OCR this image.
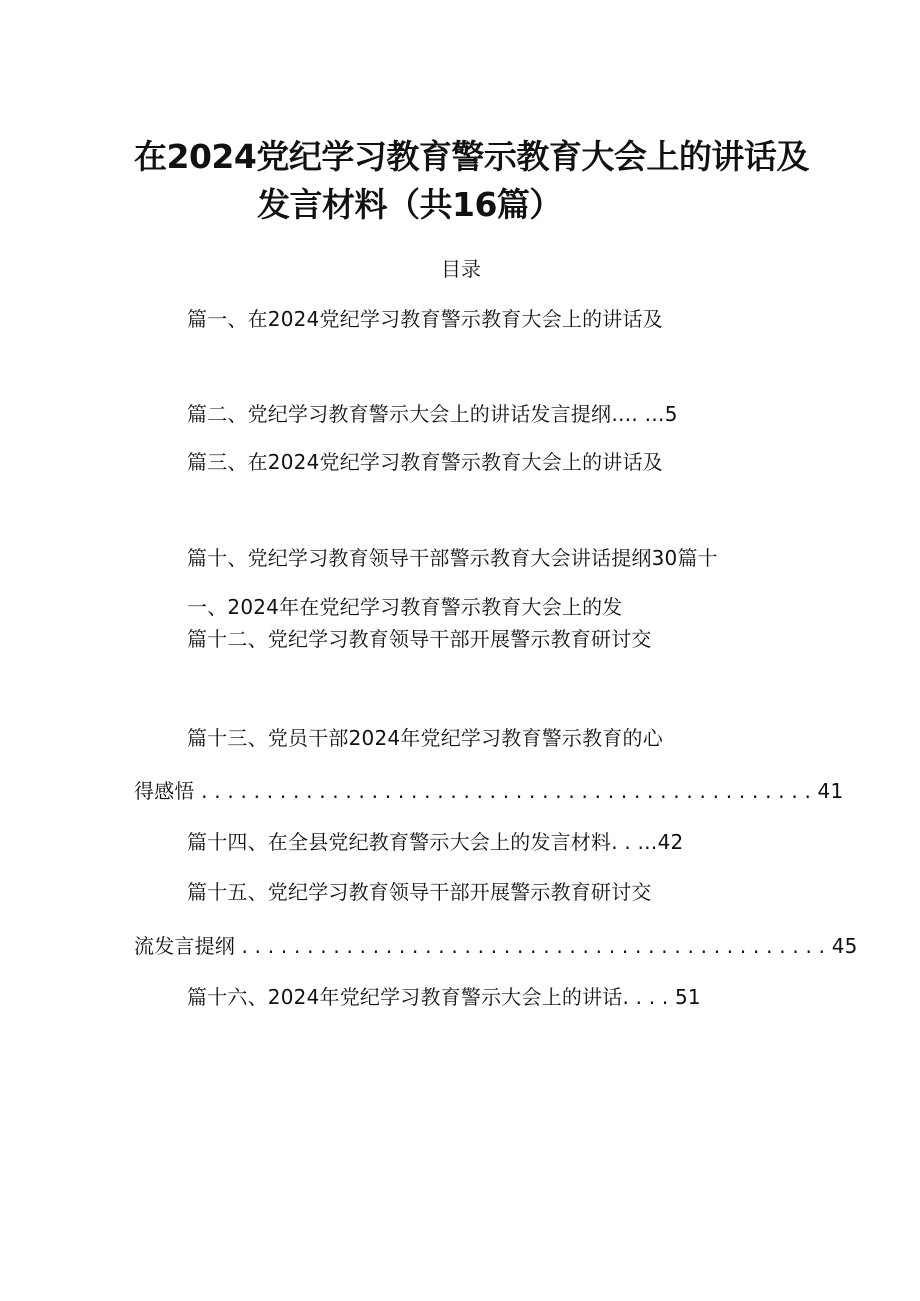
在2024党纪学习教育警示教育大会上的讲话及
发言材料（共16篇）
目录
篇一、在2024党纪学习教育警示教育大会上的讲话及
篇二、党纪学习教育警示大会上的讲话发言提纲…. …5
篇三、在2024党纪学习教育警示教育大会上的讲话及
篇十、党纪学习教育领导干部警示教育大会讲话提纲30篇十
一、2024年在党纪学习教育警示教育大会上的发
篇十二、党纪学习教育领导干部开展警示教育研讨交
篇十三、党员干部2024年党纪学习教育警示教育的心
得感悟 . . . . . . . . . . . . . . . . . . . . . . . . . . . . . . . . . . . . . . . . . . . . . . . 41
篇十四、在全县党纪教育警示大会上的发言材料. . …42
篇十五、党纪学习教育领导干部开展警示教育研讨交
流发言提纲 . . . . . . . . . . . . . . . . . . . . . . . . . . . . . . . . . . . . . . . . . . . . . 45
篇十六、2024年党纪学习教育警示大会上的讲话. . . . 51
